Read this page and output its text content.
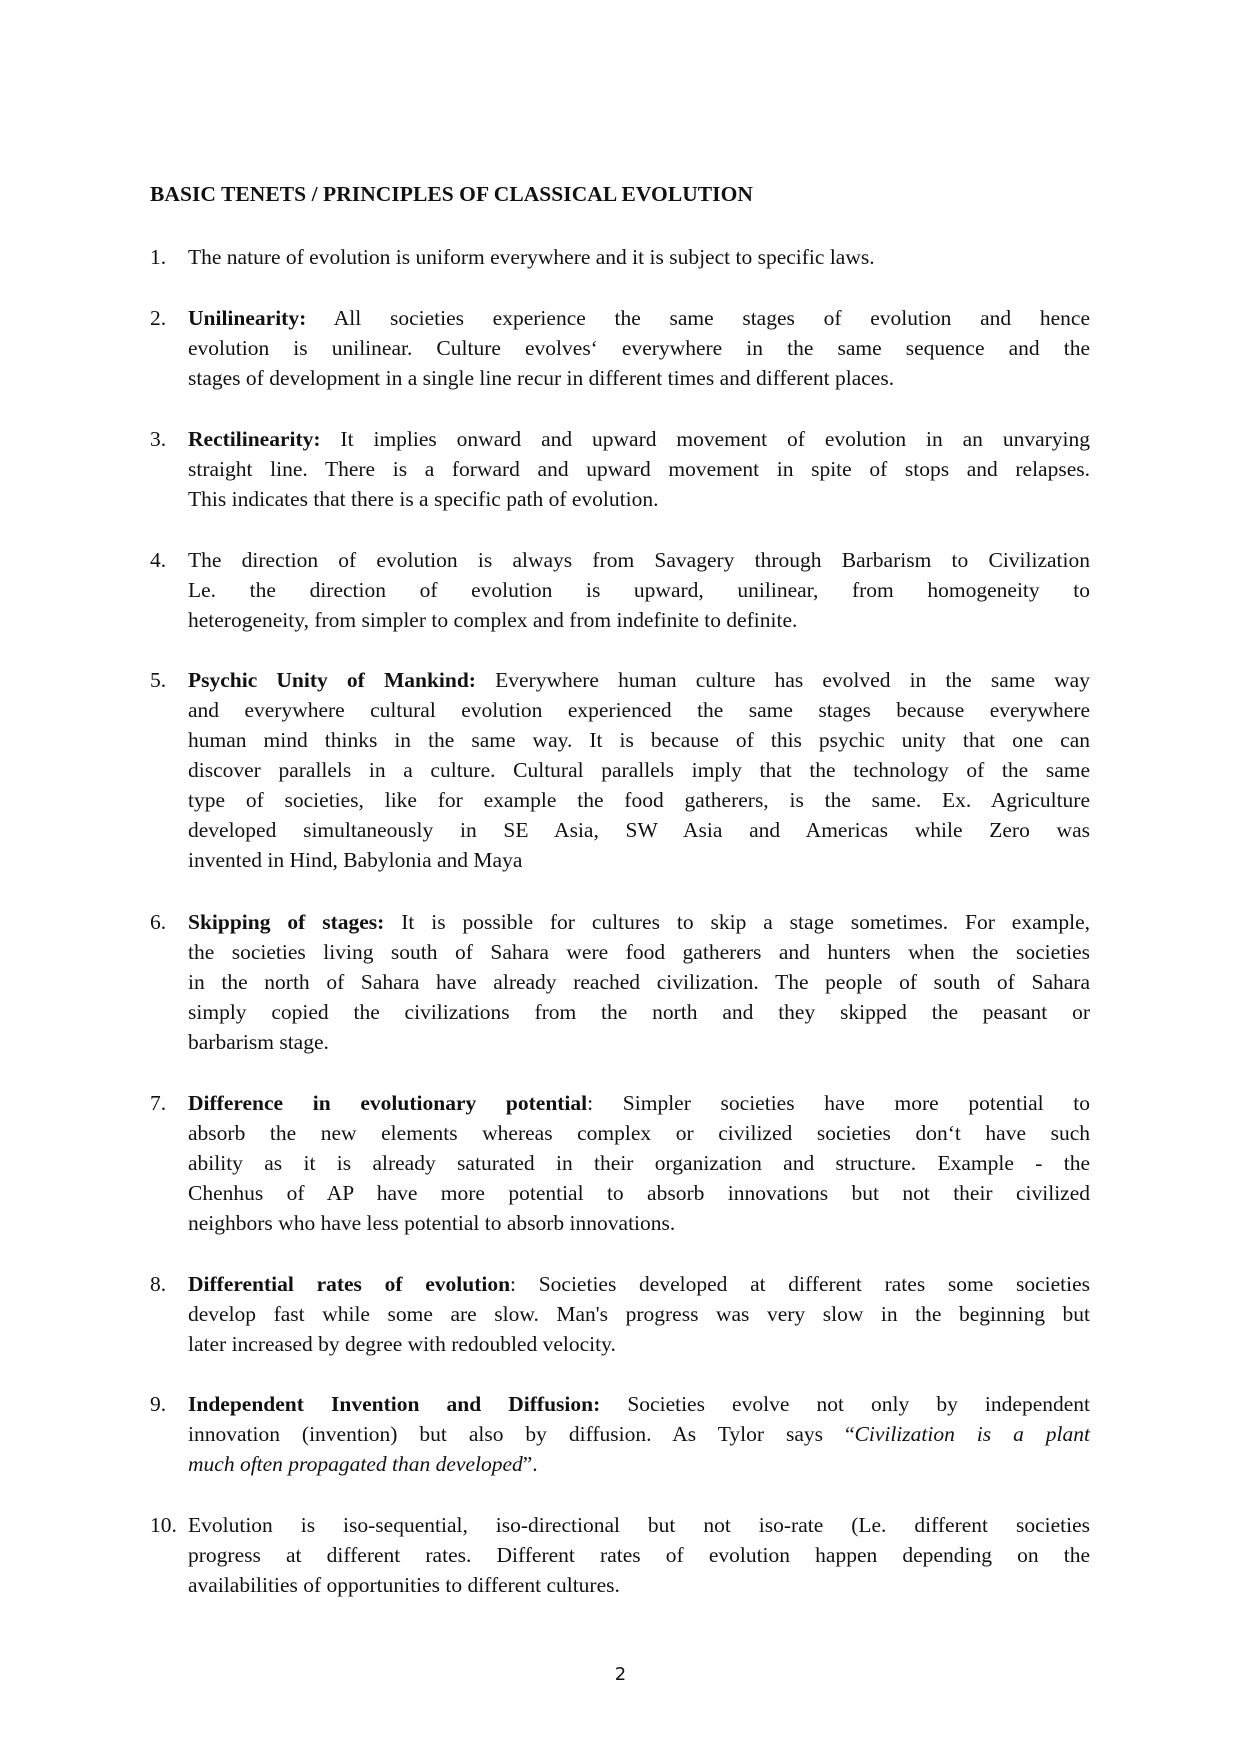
BASIC TENETS / PRINCIPLES OF CLASSICAL EVOLUTION
1. The nature of evolution is uniform everywhere and it is subject to specific laws.
2. Unilinearity: All societies experience the same stages of evolution and hence
evolution is unilinear. Culture evolves‘ everywhere in the same sequence and the
stages of development in a single line recur in different times and different places.
3. Rectilinearity: It implies onward and upward movement of evolution in an unvarying
straight line. There is a forward and upward movement in spite of stops and relapses.
This indicates that there is a specific path of evolution.
4. The direction of evolution is always from Savagery through Barbarism to Civilization
Le. the direction of evolution is upward, unilinear, from homogeneity to
heterogeneity, from simpler to complex and from indefinite to definite.
5. Psychic Unity of Mankind: Everywhere human culture has evolved in the same way
and everywhere cultural evolution experienced the same stages because everywhere
human mind thinks in the same way. It is because of this psychic unity that one can
discover parallels in a culture. Cultural parallels imply that the technology of the same
type of societies, like for example the food gatherers, is the same. Ex. Agriculture
developed simultaneously in SE Asia, SW Asia and Americas while Zero was
invented in Hind, Babylonia and Maya
6. Skipping of stages: It is possible for cultures to skip a stage sometimes. For example,
the societies living south of Sahara were food gatherers and hunters when the societies
in the north of Sahara have already reached civilization. The people of south of Sahara
simply copied the civilizations from the north and they skipped the peasant or
barbarism stage.
7. Difference in evolutionary potential: Simpler societies have more potential to
absorb the new elements whereas complex or civilized societies don‘t have such
ability as it is already saturated in their organization and structure. Example - the
Chenhus of AP have more potential to absorb innovations but not their civilized
neighbors who have less potential to absorb innovations.
8. Differential rates of evolution: Societies developed at different rates some societies
develop fast while some are slow. Man's progress was very slow in the beginning but
later increased by degree with redoubled velocity.
9. Independent Invention and Diffusion: Societies evolve not only by independent
innovation (invention) but also by diffusion. As Tylor says “Civilization is a plant
much often propagated than developed”.
10. Evolution is iso-sequential, iso-directional but not iso-rate (Le. different societies
progress at different rates. Different rates of evolution happen depending on the
availabilities of opportunities to different cultures.
2
